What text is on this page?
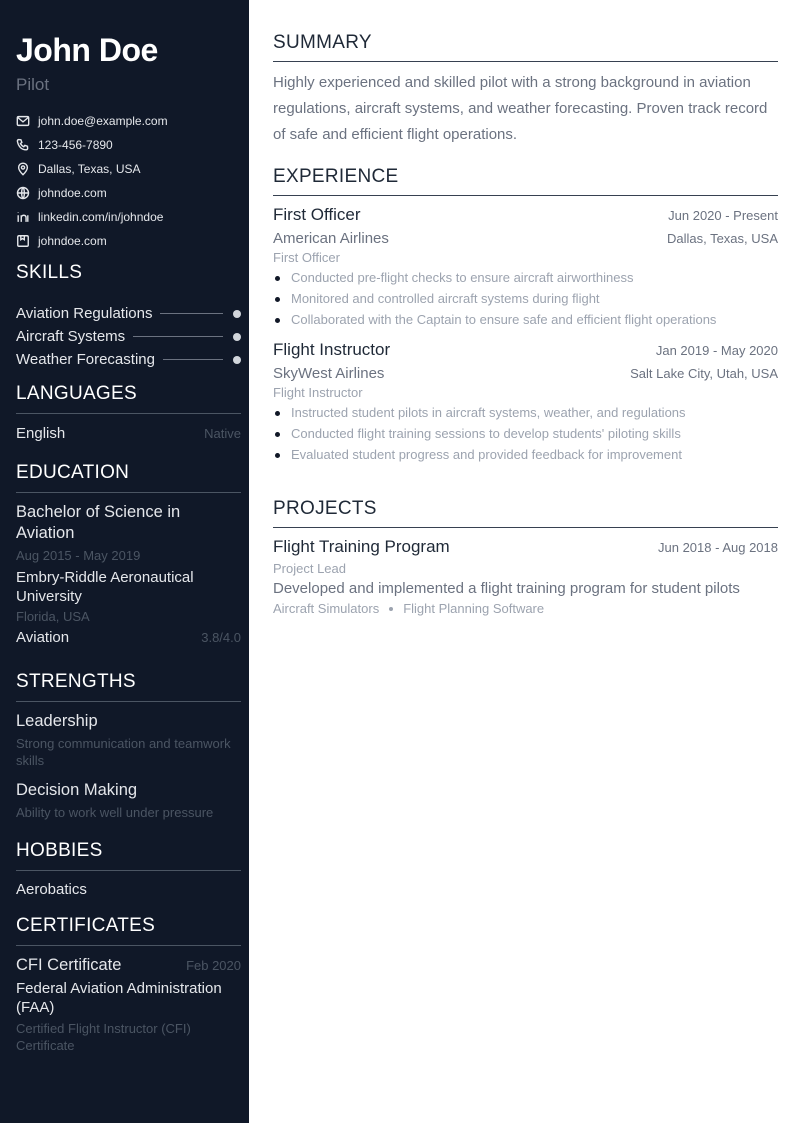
John Doe
Pilot
john.doe@example.com
123-456-7890
Dallas, Texas, USA
johndoe.com
linkedin.com/in/johndoe
johndoe.com
SKILLS
Aviation Regulations
Aircraft Systems
Weather Forecasting
LANGUAGES
English	Native
EDUCATION
Bachelor of Science in Aviation
Aug 2015 - May 2019
Embry-Riddle Aeronautical University
Florida, USA
Aviation	3.8/4.0
STRENGTHS
Leadership
Strong communication and teamwork skills
Decision Making
Ability to work well under pressure
HOBBIES
Aerobatics
CERTIFICATES
CFI Certificate	Feb 2020
Federal Aviation Administration (FAA)
Certified Flight Instructor (CFI) Certificate
SUMMARY
Highly experienced and skilled pilot with a strong background in aviation regulations, aircraft systems, and weather forecasting. Proven track record of safe and efficient flight operations.
EXPERIENCE
First Officer	Jun 2020 - Present
American Airlines	Dallas, Texas, USA
First Officer
Conducted pre-flight checks to ensure aircraft airworthiness
Monitored and controlled aircraft systems during flight
Collaborated with the Captain to ensure safe and efficient flight operations
Flight Instructor	Jan 2019 - May 2020
SkyWest Airlines	Salt Lake City, Utah, USA
Flight Instructor
Instructed student pilots in aircraft systems, weather, and regulations
Conducted flight training sessions to develop students' piloting skills
Evaluated student progress and provided feedback for improvement
PROJECTS
Flight Training Program	Jun 2018 - Aug 2018
Project Lead
Developed and implemented a flight training program for student pilots
Aircraft Simulators Flight Planning Software
